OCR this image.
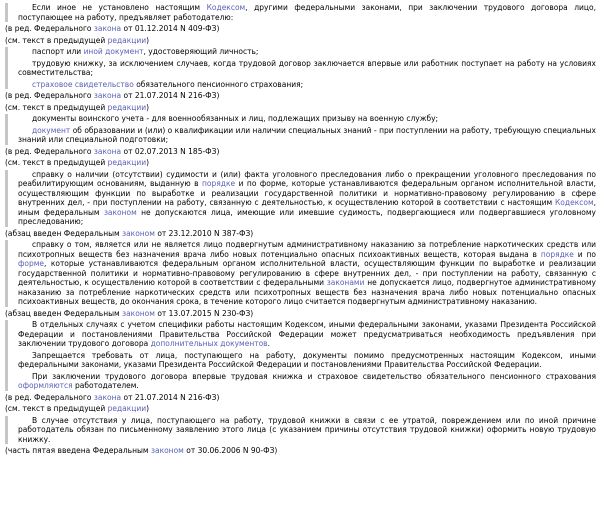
Если иное не установлено настоящим Кодексом, другими федеральными законами, при заключении трудового договора лицо, поступающее на работу, предъявляет работодателю:
(в ред. Федерального закона от 01.12.2014 N 409-ФЗ)
(см. текст в предыдущей редакции)
паспорт или иной документ, удостоверяющий личность;
трудовую книжку, за исключением случаев, когда трудовой договор заключается впервые или работник поступает на работу на условиях совместительства;
страховое свидетельство обязательного пенсионного страхования;
(в ред. Федерального закона от 21.07.2014 N 216-ФЗ)
(см. текст в предыдущей редакции)
документы воинского учета - для военнообязанных и лиц, подлежащих призыву на военную службу;
документ об образовании и (или) о квалификации или наличии специальных знаний - при поступлении на работу, требующую специальных знаний или специальной подготовки;
(в ред. Федерального закона от 02.07.2013 N 185-ФЗ)
(см. текст в предыдущей редакции)
справку о наличии (отсутствии) судимости и (или) факта уголовного преследования либо о прекращении уголовного преследования по реабилитирующим основаниям, выданную в порядке и по форме, которые устанавливаются федеральным органом исполнительной власти, осуществляющим функции по выработке и реализации государственной политики и нормативно-правовому регулированию в сфере внутренних дел, - при поступлении на работу, связанную с деятельностью, к осуществлению которой в соответствии с настоящим Кодексом, иным федеральным законом не допускаются лица, имеющие или имевшие судимость, подвергающиеся или подвергавшиеся уголовному преследованию;
(абзац введен Федеральным законом от 23.12.2010 N 387-ФЗ)
справку о том, является или не является лицо подвергнутым административному наказанию за потребление наркотических средств или психотропных веществ без назначения врача либо новых потенциально опасных психоактивных веществ, которая выдана в порядке и по форме, которые устанавливаются федеральным органом исполнительной власти, осуществляющим функции по выработке и реализации государственной политики и нормативно-правовому регулированию в сфере внутренних дел, - при поступлении на работу, связанную с деятельностью, к осуществлению которой в соответствии с федеральными законами не допускается лицо, подвергнутое административному наказанию за потребление наркотических средств или психотропных веществ без назначения врача либо новых потенциально опасных психоактивных веществ, до окончания срока, в течение которого лицо считается подвергнутым административному наказанию.
(абзац введен Федеральным законом от 13.07.2015 N 230-ФЗ)
В отдельных случаях с учетом специфики работы настоящим Кодексом, иными федеральными законами, указами Президента Российской Федерации и постановлениями Правительства Российской Федерации может предусматриваться необходимость предъявления при заключении трудового договора дополнительных документов.
Запрещается требовать от лица, поступающего на работу, документы помимо предусмотренных настоящим Кодексом, иными федеральными законами, указами Президента Российской Федерации и постановлениями Правительства Российской Федерации.
При заключении трудового договора впервые трудовая книжка и страховое свидетельство обязательного пенсионного страхования оформляются работодателем.
(в ред. Федерального закона от 21.07.2014 N 216-ФЗ)
(см. текст в предыдущей редакции)
В случае отсутствия у лица, поступающего на работу, трудовой книжки в связи с ее утратой, повреждением или по иной причине работодатель обязан по письменному заявлению этого лица (с указанием причины отсутствия трудовой книжки) оформить новую трудовую книжку.
(часть пятая введена Федеральным законом от 30.06.2006 N 90-ФЗ)
